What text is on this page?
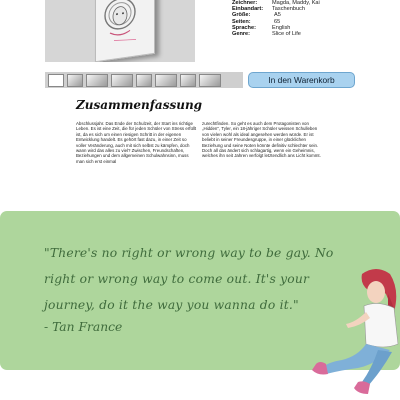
Zeichner:	Magda, Maddy, Kai
Einbandart:	Taschenbuch
Größe:	A5
Seiten:	65
Sprache:	English
Genre:	Slice of Life
In den Warenkorb
Zusammenfassung
Abschlussjahr. Das Ende der Schulzeit, der Start ins richtige Leben. Es ist eine Zeit, die für jeden Schüler von Stress erfüllt ist, da es sich um einen riesigen Schritt in der eigenen Entwicklung handelt. Es gehört fast dazu, in einer Zeit so voller Veränderung, auch mit sich selbst zu kämpfen, doch wann wird das alles zu viel? Zwischen, Freundschaften, Beziehungen und dem allgemeinen Schulwahnsinn, muss man sich erst einmal
zurechtfinden. So geht es auch dem Protagonisten von „Hidden", Tyler, ein 18-jähriger Schüler weissen Schulleben von vielen wohl als ideal angesehen werden würde. Er ist beliebt in seiner Freundesgruppe, in einer glücklichen Beziehung und seine Noten könnte definitiv schlechter sein. Doch all das ändert sich schlagartig, wenn ein Geheimnis, welches ihn seit Jahren verfolgt letztendlich ans Licht kommt.
"There's no right or wrong way to be gay. No
right or wrong way to come out. It's your
journey, do it the way you wanna do it."
- Tan France
